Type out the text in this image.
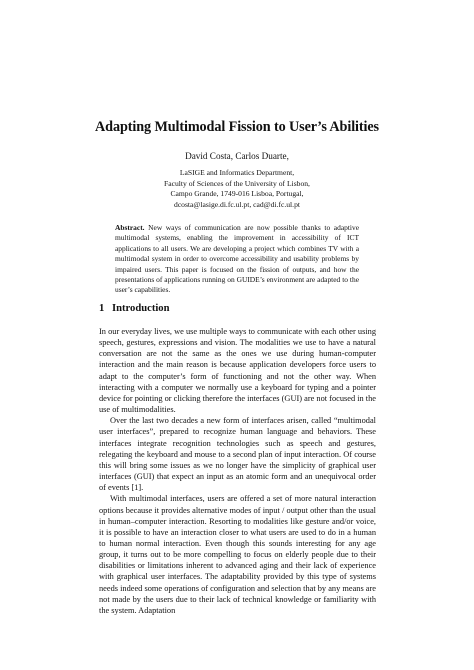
Adapting Multimodal Fission to User’s Abilities
David Costa, Carlos Duarte,
LaSIGE and Informatics Department,
Faculty of Sciences of the University of Lisbon,
Campo Grande, 1749-016 Lisboa, Portugal,
dcosta@lasige.di.fc.ul.pt, cad@di.fc.ul.pt
Abstract. New ways of communication are now possible thanks to adaptive multimodal systems, enabling the improvement in accessibility of ICT applications to all users. We are developing a project which combines TV with a multimodal system in order to overcome accessibility and usability problems by impaired users. This paper is focused on the fission of outputs, and how the presentations of applications running on GUIDE’s environment are adapted to the user’s capabilities.
1 Introduction

In our everyday lives, we use multiple ways to communicate with each other using speech, gestures, expressions and vision. The modalities we use to have a natural conversation are not the same as the ones we use during human-computer interaction and the main reason is because application developers force users to adapt to the computer’s form of functioning and not the other way. When interacting with a computer we normally use a keyboard for typing and a pointer device for pointing or clicking therefore the interfaces (GUI) are not focused in the use of multimodalities.

Over the last two decades a new form of interfaces arisen, called “multimodal user interfaces”, prepared to recognize human language and behaviors. These interfaces integrate recognition technologies such as speech and gestures, relegating the keyboard and mouse to a second plan of input interaction. Of course this will bring some issues as we no longer have the simplicity of graphical user interfaces (GUI) that expect an input as an atomic form and an unequivocal order of events [1].

With multimodal interfaces, users are offered a set of more natural interaction options because it provides alternative modes of input / output other than the usual in human–computer interaction. Resorting to modalities like gesture and/or voice, it is possible to have an interaction closer to what users are used to do in a human to human normal interaction. Even though this sounds interesting for any age group, it turns out to be more compelling to focus on elderly people due to their disabilities or limitations inherent to advanced aging and their lack of experience with graphical user interfaces. The adaptability provided by this type of systems needs indeed some operations of configuration and selection that by any means are not made by the users due to their lack of technical knowledge or familiarity with the system. Adaptation
